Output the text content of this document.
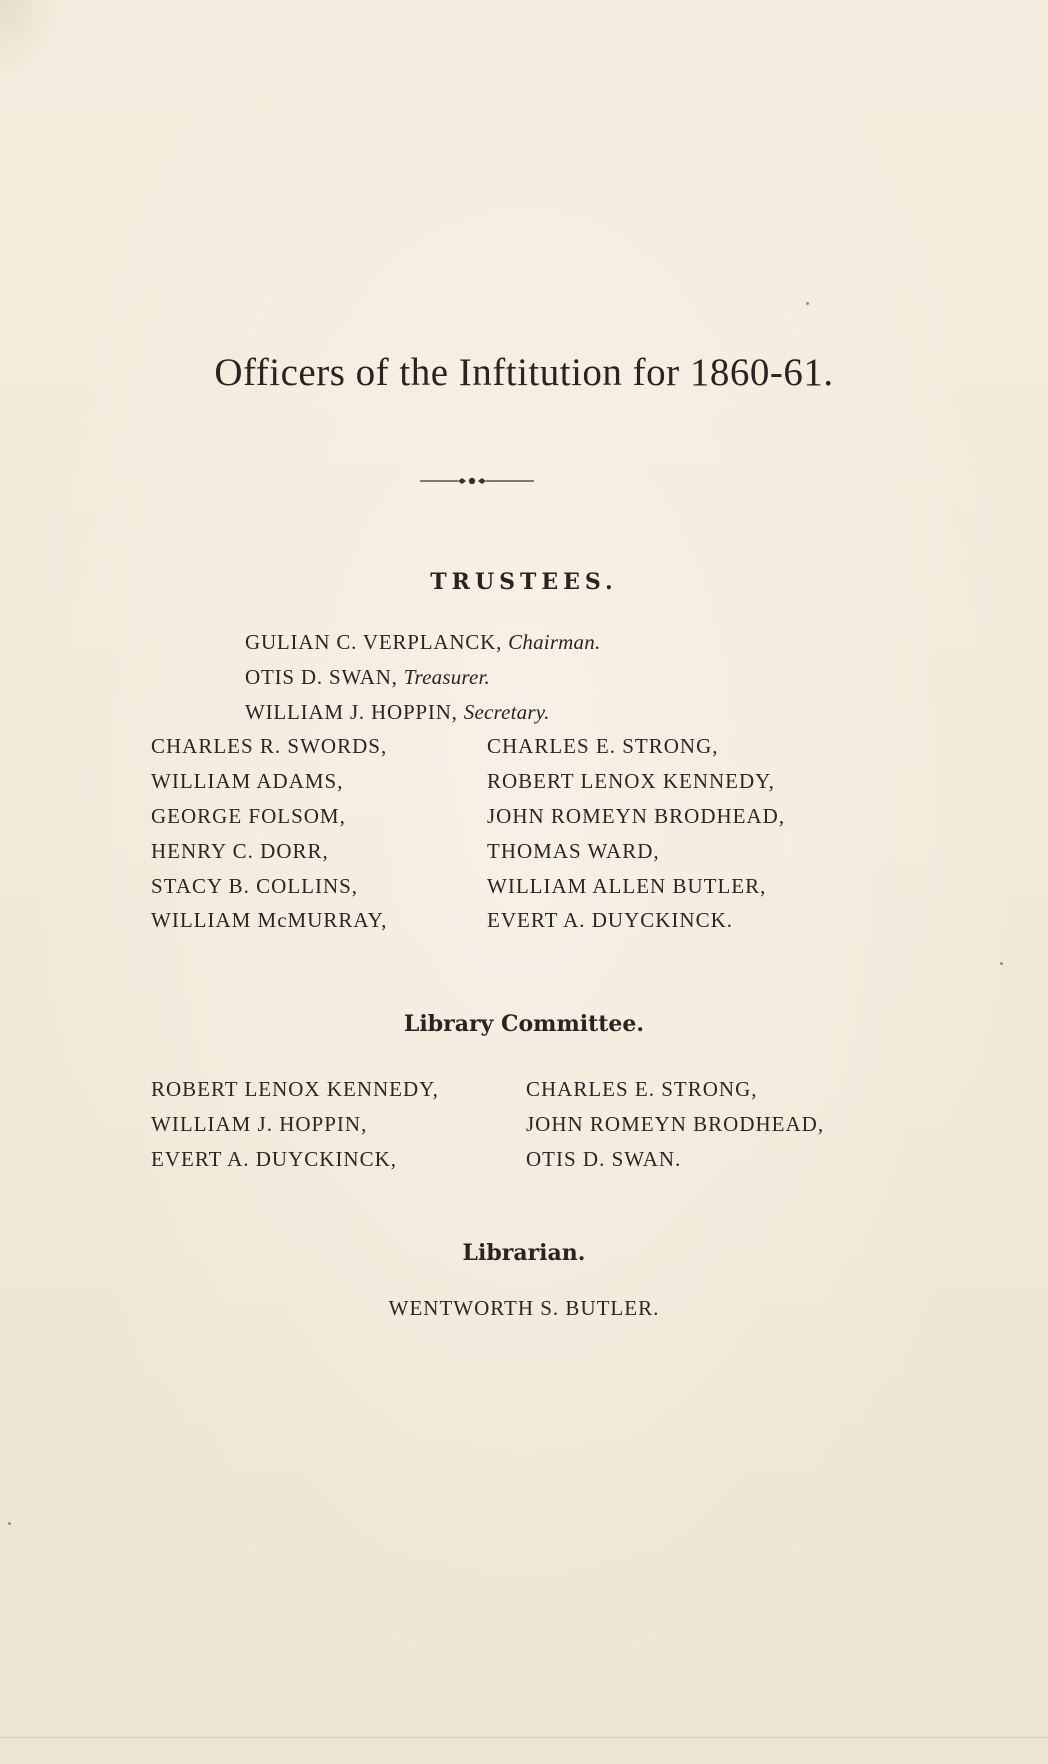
Officers of the Inftitution for 1860-61.
TRUSTEES.
GULIAN C. VERPLANCK, Chairman.
OTIS D. SWAN, Treasurer.
WILLIAM J. HOPPIN, Secretary.
CHARLES R. SWORDS,
WILLIAM ADAMS,
GEORGE FOLSOM,
HENRY C. DORR,
STACY B. COLLINS,
WILLIAM McMURRAY,
CHARLES E. STRONG,
ROBERT LENOX KENNEDY,
JOHN ROMEYN BRODHEAD,
THOMAS WARD,
WILLIAM ALLEN BUTLER,
EVERT A. DUYCKINCK.
Library Committee.
ROBERT LENOX KENNEDY,
WILLIAM J. HOPPIN,
EVERT A. DUYCKINCK,
CHARLES E. STRONG,
JOHN ROMEYN BRODHEAD,
OTIS D. SWAN.
Librarian.
WENTWORTH S. BUTLER.
